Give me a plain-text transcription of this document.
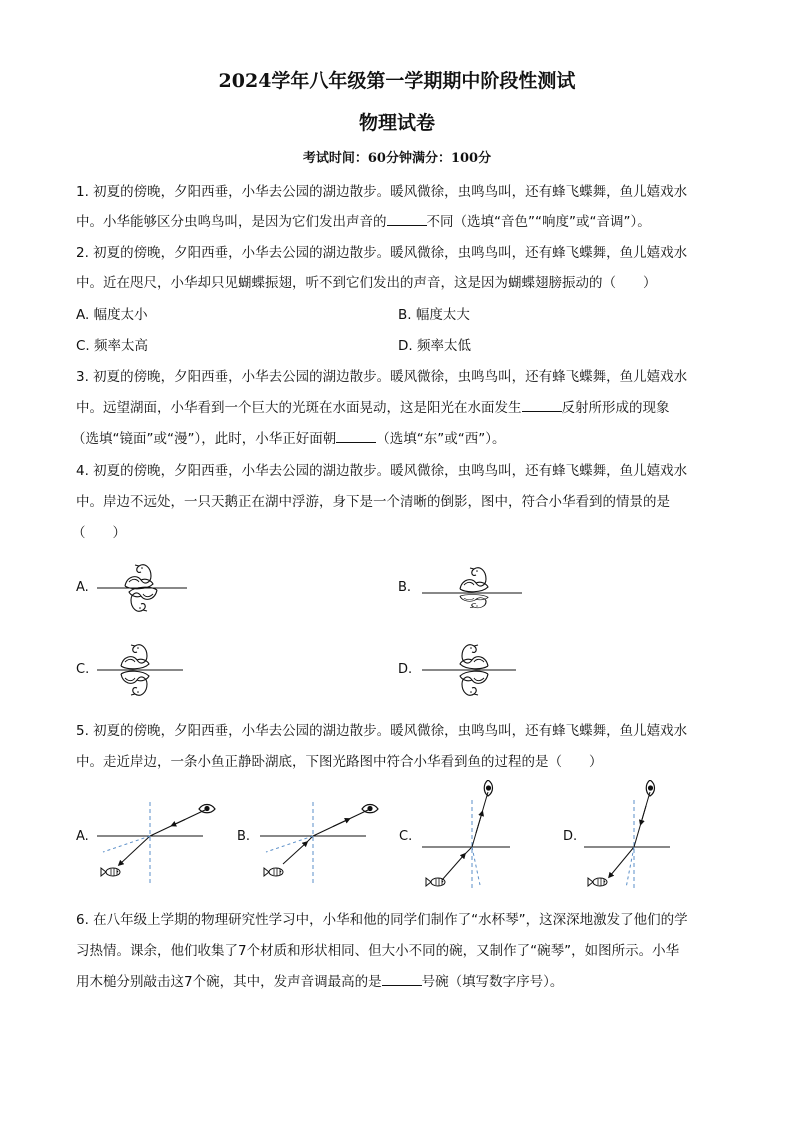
2024学年八年级第一学期期中阶段性测试
物理试卷
考试时间：60分钟满分：100分
1. 初夏的傍晚，夕阳西垂，小华去公园的湖边散步。暖风微徐，虫鸣鸟叫，还有蜂飞蝶舞，鱼儿嬉戏水
中。小华能够区分虫鸣鸟叫，是因为它们发出声音的	不同（选填“音色”“响度”或“音调”）。
2. 初夏的傍晚，夕阳西垂，小华去公园的湖边散步。暖风微徐，虫鸣鸟叫，还有蜂飞蝶舞，鱼儿嬉戏水
中。近在咫尺，小华却只见蝴蝶振翅，听不到它们发出的声音，这是因为蝴蝶翅膀振动的（　　）
A. 幅度太小	B. 幅度太大
C. 频率太高	D. 频率太低
3. 初夏的傍晚，夕阳西垂，小华去公园的湖边散步。暖风微徐，虫鸣鸟叫，还有蜂飞蝶舞，鱼儿嬉戏水
中。远望湖面，小华看到一个巨大的光斑在水面晃动，这是阳光在水面发生	反射所形成的现象
（选填“镜面”或“漫”），此时，小华正好面朝	（选填“东”或“西”）。
4. 初夏的傍晚，夕阳西垂，小华去公园的湖边散步。暖风微徐，虫鸣鸟叫，还有蜂飞蝶舞，鱼儿嬉戏水
中。岸边不远处，一只天鹅正在湖中浮游，身下是一个清晰的倒影，图中，符合小华看到的情景的是
（　　）
A.	B.
C.	D.
5. 初夏的傍晚，夕阳西垂，小华去公园的湖边散步。暖风微徐，虫鸣鸟叫，还有蜂飞蝶舞，鱼儿嬉戏水
中。走近岸边，一条小鱼正静卧湖底，下图光路图中符合小华看到鱼的过程的是（　　）
A.	B.	C.	D.
6. 在八年级上学期的物理研究性学习中，小华和他的同学们制作了“水杯琴”，这深深地激发了他们的学
习热情。课余，他们收集了7个材质和形状相同、但大小不同的碗，又制作了“碗琴”，如图所示。小华
用木槌分别敲击这7个碗，其中，发声音调最高的是	号碗（填写数字序号）。
